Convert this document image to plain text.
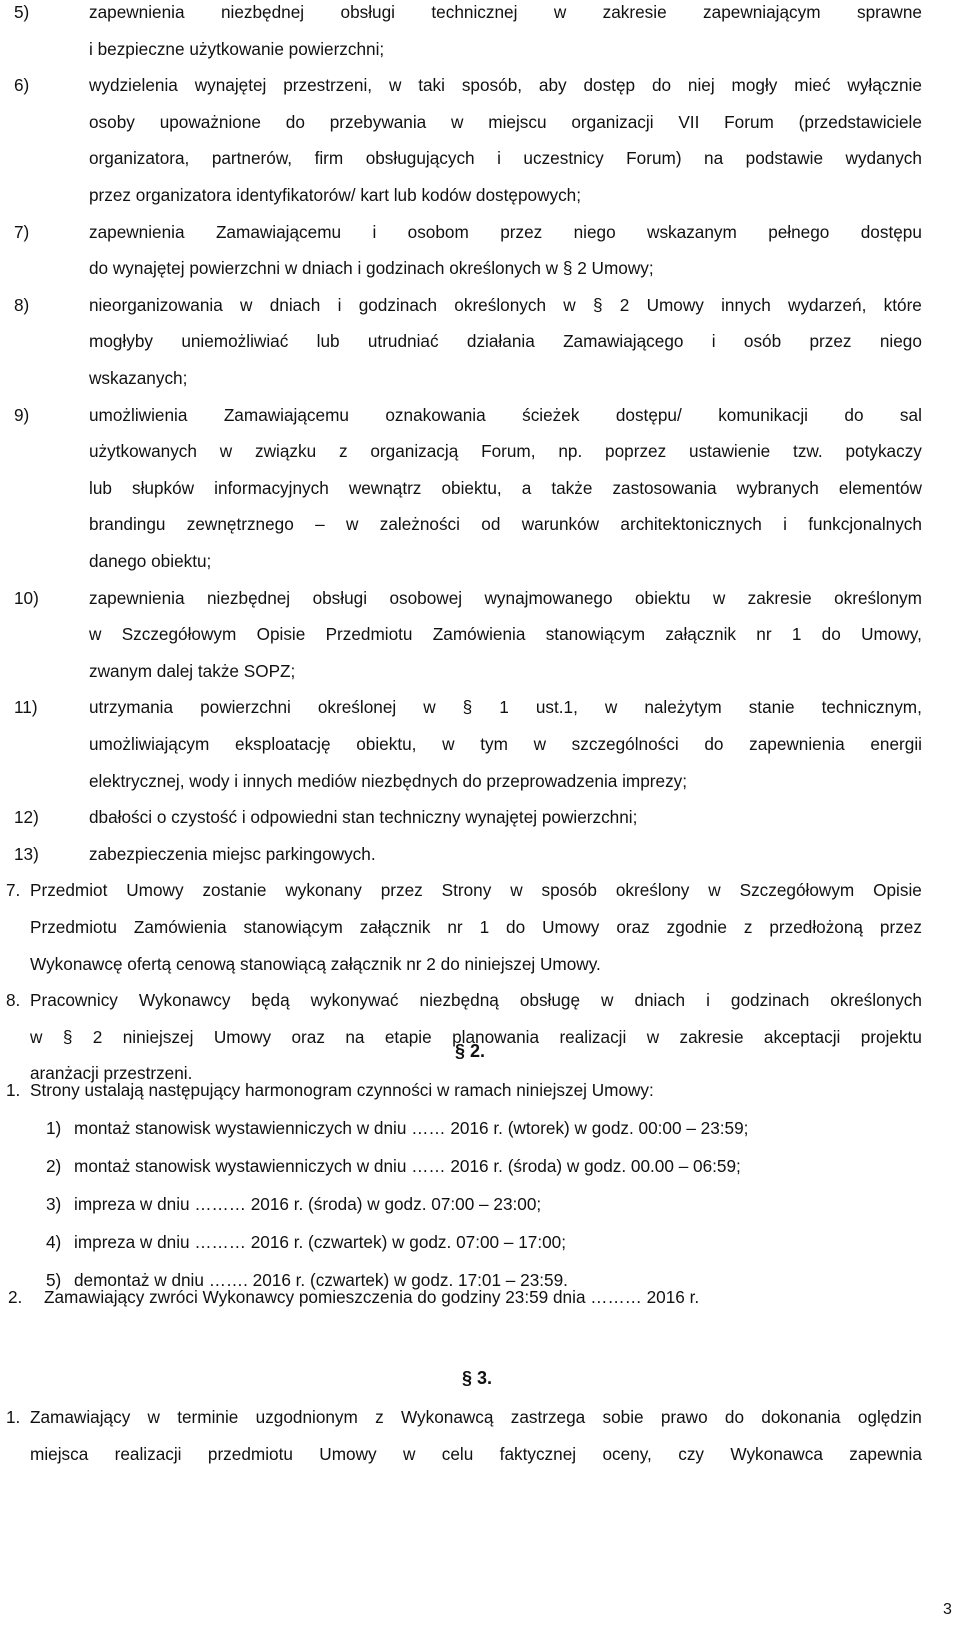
5)	zapewnienia niezbędnej obsługi technicznej w zakresie zapewniającym sprawne
i bezpieczne użytkowanie powierzchni;
6)	wydzielenia wynajętej przestrzeni, w taki sposób, aby dostęp do niej mogły mieć wyłącznie
osoby upoważnione do przebywania w miejscu organizacji VII Forum (przedstawiciele
organizatora, partnerów, firm obsługujących i uczestnicy Forum) na podstawie wydanych
przez organizatora identyfikatorów/ kart lub kodów dostępowych;
7)	zapewnienia Zamawiającemu i osobom przez niego wskazanym pełnego dostępu
do wynajętej powierzchni w dniach i godzinach określonych w § 2 Umowy;
8)	nieorganizowania w dniach i godzinach określonych w § 2 Umowy innych wydarzeń, które
mogłyby uniemożliwiać lub utrudniać działania Zamawiającego i osób przez niego
wskazanych;
9)	umożliwienia Zamawiającemu oznakowania ścieżek dostępu/ komunikacji do sal
użytkowanych w związku z organizacją Forum, np. poprzez ustawienie tzw. potykaczy
lub słupków informacyjnych wewnątrz obiektu, a także zastosowania wybranych elementów
brandingu zewnętrznego – w zależności od warunków architektonicznych i funkcjonalnych
danego obiektu;
10)	zapewnienia niezbędnej obsługi osobowej wynajmowanego obiektu w zakresie określonym
w Szczegółowym Opisie Przedmiotu Zamówienia stanowiącym załącznik nr 1 do Umowy,
zwanym dalej także SOPZ;
11)	utrzymania powierzchni określonej w § 1 ust.1, w należytym stanie technicznym,
umożliwiającym eksploatację obiektu, w tym w szczególności do zapewnienia energii
elektrycznej, wody i innych mediów niezbędnych do przeprowadzenia imprezy;
12)	dbałości o czystość i odpowiedni stan techniczny wynajętej powierzchni;
13)	zabezpieczenia miejsc parkingowych.
7. Przedmiot Umowy zostanie wykonany przez Strony w sposób określony w Szczegółowym Opisie
Przedmiotu Zamówienia stanowiącym załącznik nr 1 do Umowy oraz zgodnie z przedłożoną przez
Wykonawcę ofertą cenową stanowiącą załącznik nr 2 do niniejszej Umowy.
8. Pracownicy Wykonawcy będą wykonywać niezbędną obsługę w dniach i godzinach określonych
w § 2 niniejszej Umowy oraz na etapie planowania realizacji w zakresie akceptacji projektu
aranżacji przestrzeni.
§ 2.
1. Strony ustalają następujący harmonogram czynności w ramach niniejszej Umowy:
1) montaż stanowisk wystawienniczych w dniu …… 2016 r. (wtorek) w godz. 00:00 – 23:59;
2) montaż stanowisk wystawienniczych w dniu …… 2016 r. (środa) w godz. 00.00 – 06:59;
3) impreza w dniu ……… 2016 r. (środa) w godz. 07:00 – 23:00;
4) impreza w dniu ……… 2016 r. (czwartek) w godz. 07:00 – 17:00;
5) demontaż w dniu ……. 2016 r. (czwartek) w godz. 17:01 – 23:59.
2. Zamawiający zwróci Wykonawcy pomieszczenia do godziny 23:59 dnia ……… 2016 r.
§ 3.
1. Zamawiający w terminie uzgodnionym z Wykonawcą zastrzega sobie prawo do dokonania oględzin
miejsca realizacji przedmiotu Umowy w celu faktycznej oceny, czy Wykonawca zapewnia
3
